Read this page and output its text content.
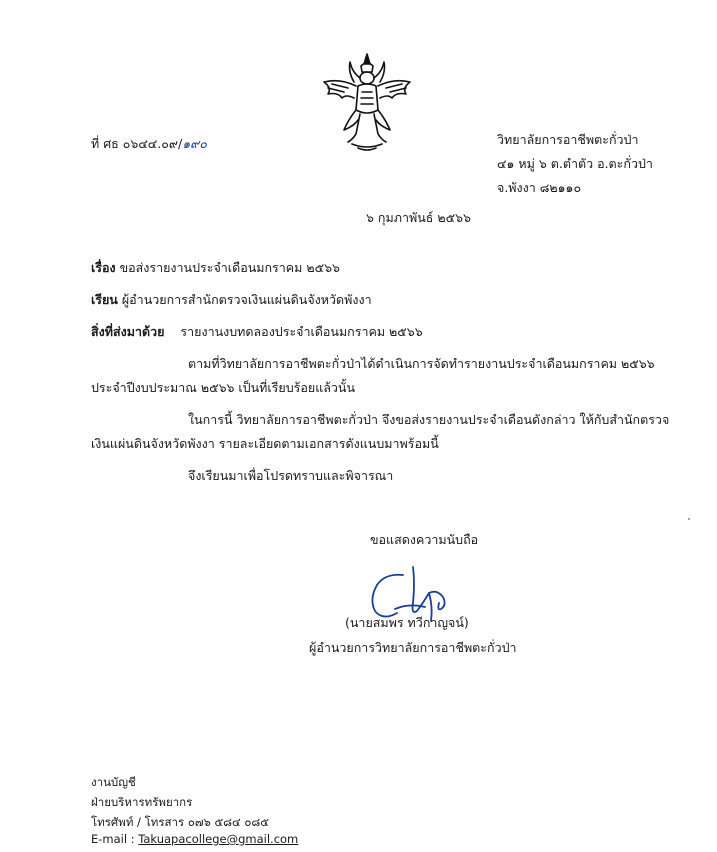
ที่ ศธ ๐๖๔๔.๐๙/๑๙๐	วิทยาลัยการอาชีพตะกั่วป่า
๔๑ หมู่ ๖ ต.ตำตัว อ.ตะกั่วป่า
จ.พังงา ๘๒๑๑๐
๖ กุมภาพันธ์ ๒๕๖๖
เรื่อง ขอส่งรายงานประจำเดือนมกราคม ๒๕๖๖
เรียน ผู้อำนวยการสำนักตรวจเงินแผ่นดินจังหวัดพังงา
สิ่งที่ส่งมาด้วย รายงานงบทดลองประจำเดือนมกราคม ๒๕๖๖
ตามที่วิทยาลัยการอาชีพตะกั่วป่าได้ดำเนินการจัดทำรายงานประจำเดือนมกราคม ๒๕๖๖
ประจำปีงบประมาณ ๒๕๖๖ เป็นที่เรียบร้อยแล้วนั้น
ในการนี้ วิทยาลัยการอาชีพตะกั่วป่า จึงขอส่งรายงานประจำเดือนดังกล่าว ให้กับสำนักตรวจ
เงินแผ่นดินจังหวัดพังงา รายละเอียดตามเอกสารดังแนบมาพร้อมนี้
จึงเรียนมาเพื่อโปรดทราบและพิจารณา
ขอแสดงความนับถือ
(นายสมพร ทวีกาญจน์)
ผู้อำนวยการวิทยาลัยการอาชีพตะกั่วป่า
งานบัญชี
ฝ่ายบริหารทรัพยากร
โทรศัพท์ / โทรสาร ๐๗๖ ๕๘๔ ๐๘๕
E-mail : Takuapacollege@gmail.com
